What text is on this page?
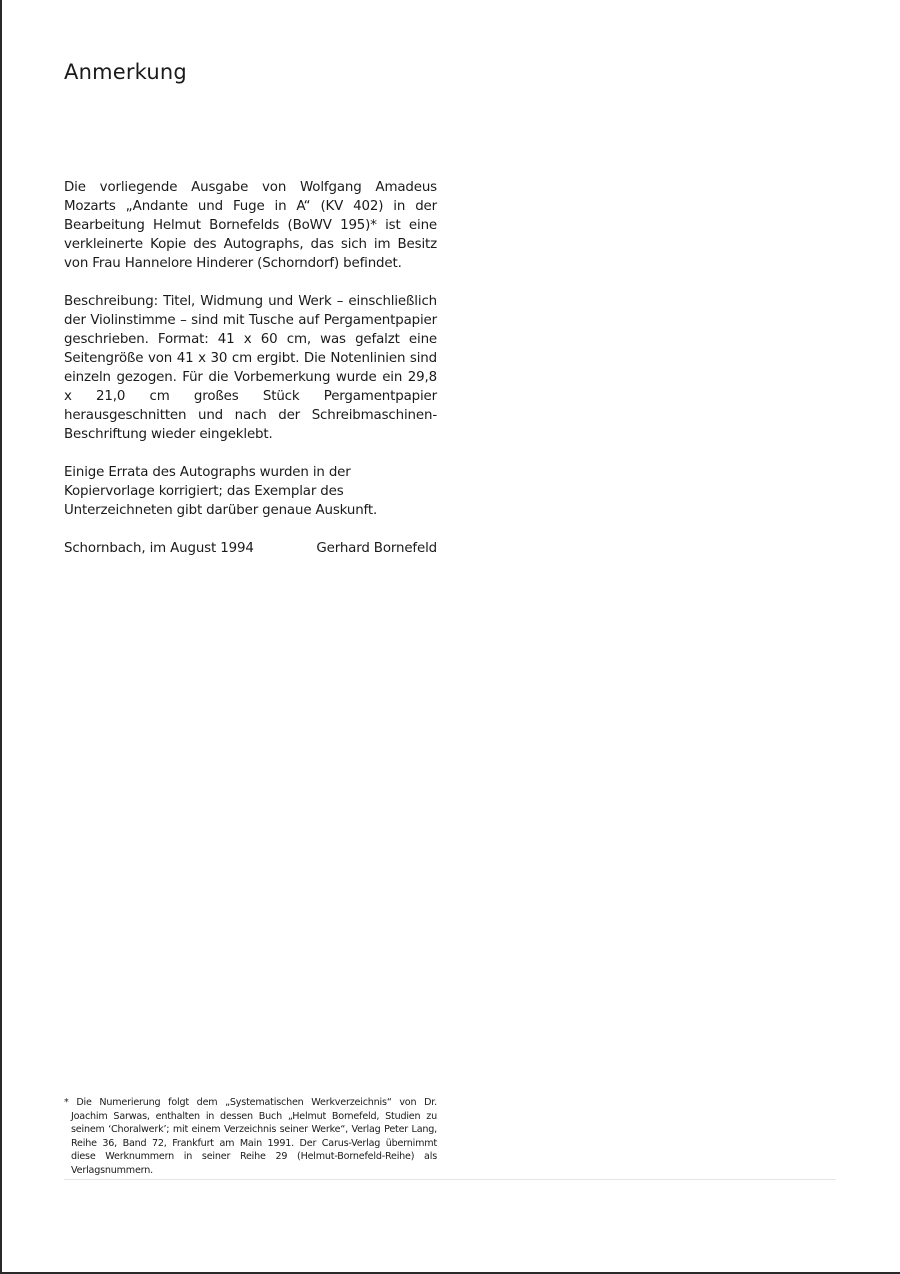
Anmerkung

Die vorliegende Ausgabe von Wolfgang Amadeus Mozarts „Andante und Fuge in A“ (KV 402) in der Bearbeitung Helmut Bornefelds (BoWV 195)* ist eine verkleinerte Kopie des Autographs, das sich im Besitz von Frau Hannelore Hinderer (Schorndorf) befindet.

Beschreibung: Titel, Widmung und Werk – einschließlich der Violinstimme – sind mit Tusche auf Pergamentpapier geschrieben. Format: 41 x 60 cm, was gefalzt eine Seitengröße von 41 x 30 cm ergibt. Die Notenlinien sind einzeln gezogen. Für die Vorbemerkung wurde ein 29,8 x 21,0 cm großes Stück Pergamentpapier herausgeschnitten und nach der Schreibmaschinen-Beschriftung wieder eingeklebt.

Einige Errata des Autographs wurden in der Kopiervorlage korrigiert; das Exemplar des Unterzeichneten gibt darüber genaue Auskunft.

Schornbach, im August 1994	Gerhard Bornefeld

* Die Numerierung folgt dem „Systematischen Werkverzeichnis“ von Dr. Joachim Sarwas, enthalten in dessen Buch „Helmut Bornefeld, Studien zu seinem ‘Choralwerk’; mit einem Verzeichnis seiner Werke“, Verlag Peter Lang, Reihe 36, Band 72, Frankfurt am Main 1991. Der Carus-Verlag übernimmt diese Werknummern in seiner Reihe 29 (Helmut-Bornefeld-Reihe) als Verlagsnummern.
